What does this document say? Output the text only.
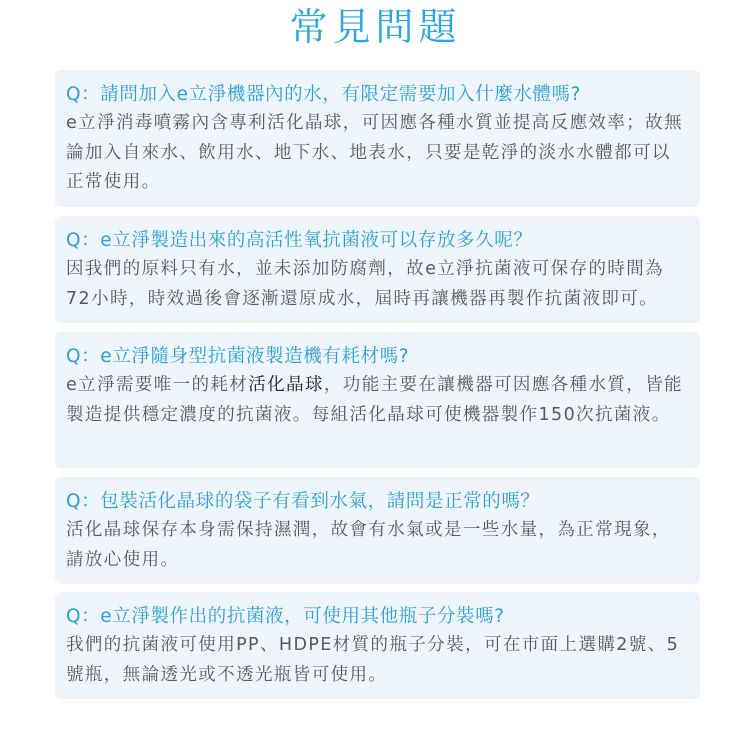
常見問題

Q：請問加入e立淨機器內的水，有限定需要加入什麼水體嗎?

e立淨消毒噴霧內含專利活化晶球，可因應各種水質並提高反應效率；故無論加入自來水、飲用水、地下水、地表水，只要是乾淨的淡水水體都可以正常使用。

Q：e立淨製造出來的高活性氧抗菌液可以存放多久呢？

因我們的原料只有水，並未添加防腐劑，故e立淨抗菌液可保存的時間為72小時，時效過後會逐漸還原成水，屆時再讓機器再製作抗菌液即可。

Q：e立淨隨身型抗菌液製造機有耗材嗎?

e立淨需要唯一的耗材活化晶球，功能主要在讓機器可因應各種水質，皆能製造提供穩定濃度的抗菌液。每組活化晶球可使機器製作150次抗菌液。

Q：包裝活化晶球的袋子有看到水氣，請問是正常的嗎？

活化晶球保存本身需保持濕潤，故會有水氣或是一些水量，為正常現象，請放心使用。

Q：e立淨製作出的抗菌液，可使用其他瓶子分裝嗎?

我們的抗菌液可使用PP、HDPE材質的瓶子分裝，可在市面上選購2號、5號瓶，無論透光或不透光瓶皆可使用。
